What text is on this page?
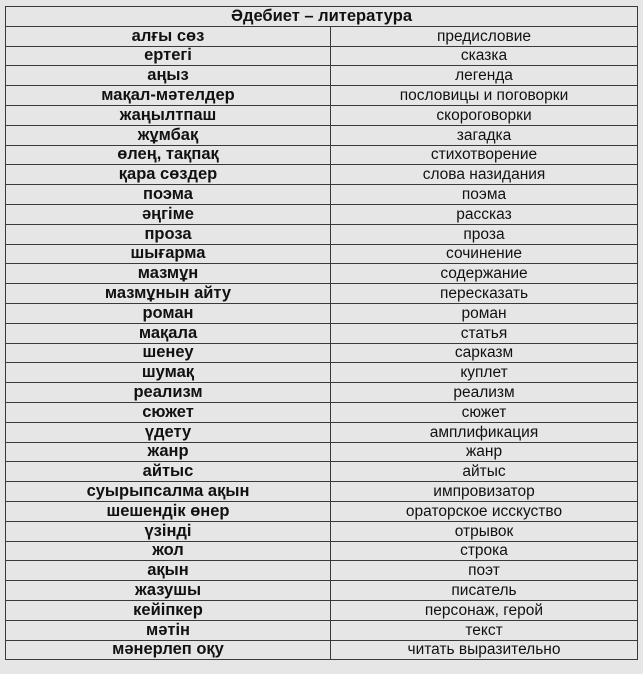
Әдебиет – литература	
алғы сөз	предисловие
ертегі	сказка
аңыз	легенда
мақал-мәтелдер	пословицы и поговорки
жаңылтпаш	скороговорки
жұмбақ	загадка
өлең, тақпақ	стихотворение
қара сөздер	слова назидания
поэма	поэма
әңгіме	рассказ
проза	проза
шығарма	сочинение
мазмұн	содержание
мазмұнын айту	пересказать
роман	роман
мақала	статья
шенеу	сарказм
шумақ	куплет
реализм	реализм
сюжет	сюжет
үдету	амплификация
жанр	жанр
айтыс	айтыс
суырыпсалма ақын	импровизатор
шешендік өнер	ораторское исскуство
үзінді	отрывок
жол	строка
ақын	поэт
жазушы	писатель
кейіпкер	персонаж, герой
мәтін	текст
мәнерлеп оқу	читать выразительно
